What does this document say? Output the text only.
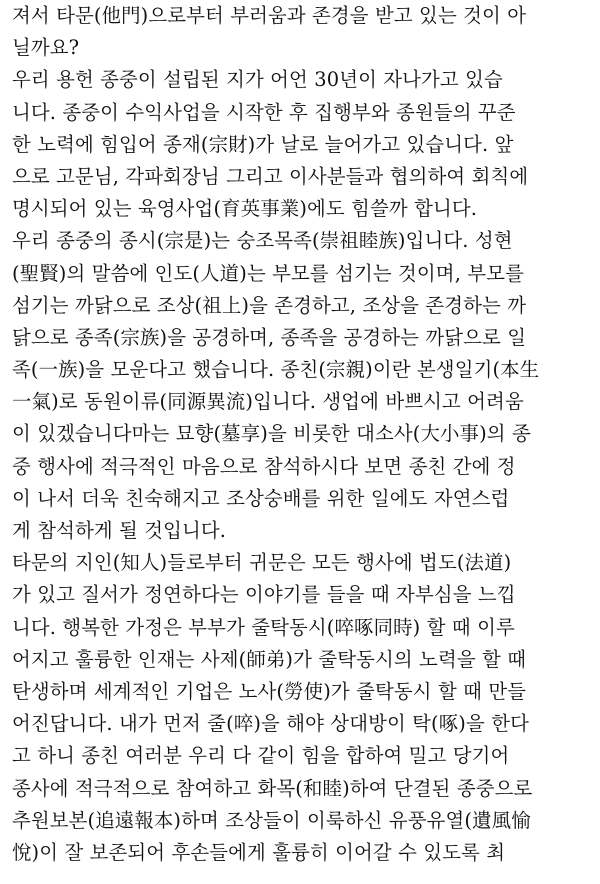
져서 타문(他門)으로부터 부러움과 존경을 받고 있는 것이 아
닐까요?
우리 용헌 종중이 설립된 지가 어언 30년이 자나가고 있습
니다. 종중이 수익사업을 시작한 후 집행부와 종원들의 꾸준
한 노력에 힘입어 종재(宗財)가 날로 늘어가고 있습니다. 앞
으로 고문님, 각파회장님 그리고 이사분들과 협의하여 회칙에
명시되어 있는 육영사업(育英事業)에도 힘쓸까 합니다.
우리 종중의 종시(宗是)는 숭조목족(崇祖睦族)입니다. 성현
(聖賢)의 말씀에 인도(人道)는 부모를 섬기는 것이며, 부모를
섬기는 까닭으로 조상(祖上)을 존경하고, 조상을 존경하는 까
닭으로 종족(宗族)을 공경하며, 종족을 공경하는 까닭으로 일
족(一族)을 모운다고 했습니다. 종친(宗親)이란 본생일기(本生
一氣)로 동원이류(同源異流)입니다. 생업에 바쁘시고 어려움
이 있겠습니다마는 묘향(墓享)을 비롯한 대소사(大小事)의 종
중 행사에 적극적인 마음으로 참석하시다 보면 종친 간에 정
이 나서 더욱 친숙해지고 조상숭배를 위한 일에도 자연스럽
게 참석하게 될 것입니다.
타문의 지인(知人)들로부터 귀문은 모든 행사에 법도(法道)
가 있고 질서가 정연하다는 이야기를 들을 때 자부심을 느낍
니다. 행복한 가정은 부부가 줄탁동시(啐啄同時) 할 때 이루
어지고 훌륭한 인재는 사제(師弟)가 줄탁동시의 노력을 할 때
탄생하며 세계적인 기업은 노사(勞使)가 줄탁동시 할 때 만들
어진답니다. 내가 먼저 줄(啐)을 해야 상대방이 탁(啄)을 한다
고 하니 종친 여러분 우리 다 같이 힘을 합하여 밀고 당기어
종사에 적극적으로 참여하고 화목(和睦)하여 단결된 종중으로
추원보본(追遠報本)하며 조상들이 이룩하신 유풍유열(遺風愉
悅)이 잘 보존되어 후손들에게 훌륭히 이어갈 수 있도록 최
